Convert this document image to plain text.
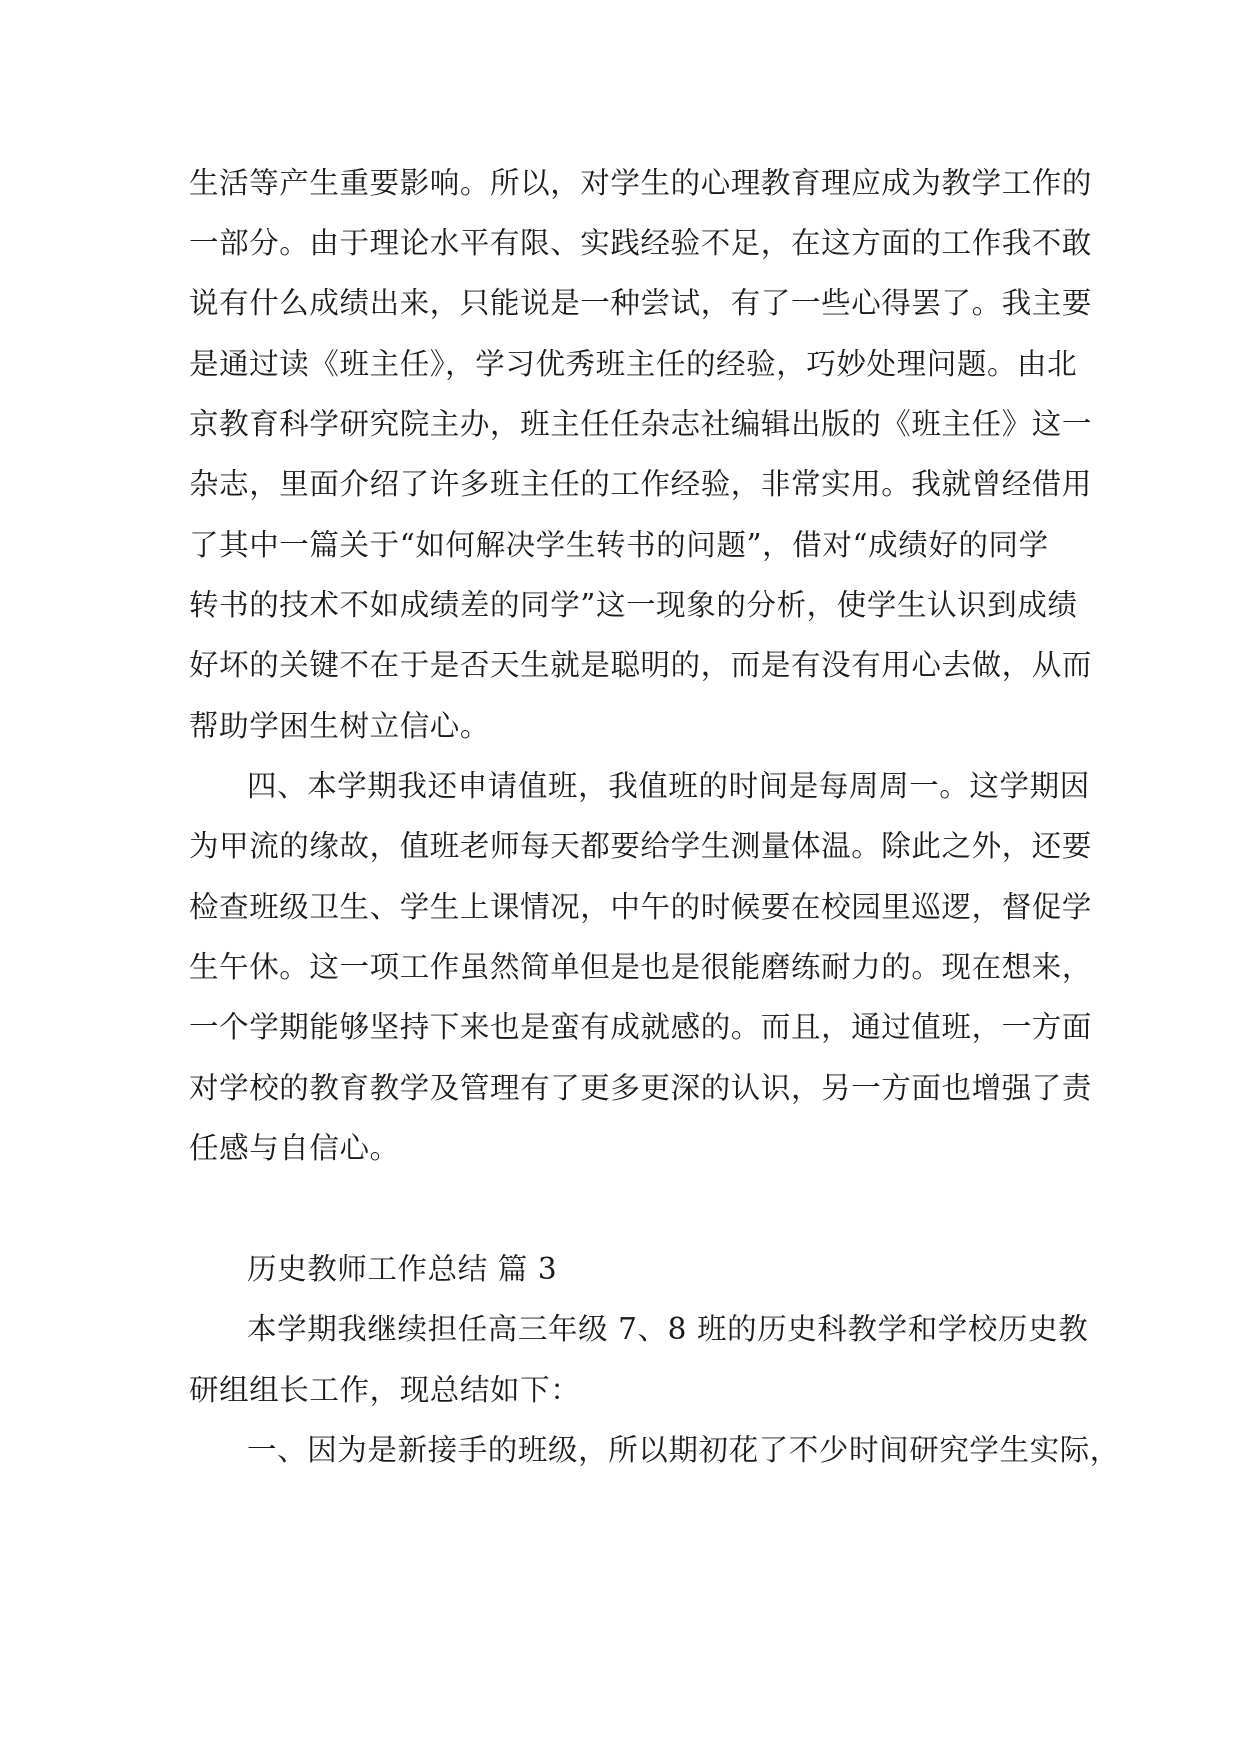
生活等产生重要影响。所以，对学生的心理教育理应成为教学工作的
一部分。由于理论水平有限、实践经验不足，在这方面的工作我不敢
说有什么成绩出来，只能说是一种尝试，有了一些心得罢了。我主要
是通过读《班主任》，学习优秀班主任的经验，巧妙处理问题。由北
京教育科学研究院主办，班主任任杂志社编辑出版的《班主任》这一
杂志，里面介绍了许多班主任的工作经验，非常实用。我就曾经借用
了其中一篇关于“如何解决学生转书的问题”，借对“成绩好的同学
转书的技术不如成绩差的同学”这一现象的分析，使学生认识到成绩
好坏的关键不在于是否天生就是聪明的，而是有没有用心去做，从而
帮助学困生树立信心。
四、本学期我还申请值班，我值班的时间是每周周一。这学期因
为甲流的缘故，值班老师每天都要给学生测量体温。除此之外，还要
检查班级卫生、学生上课情况，中午的时候要在校园里巡逻，督促学
生午休。这一项工作虽然简单但是也是很能磨练耐力的。现在想来，
一个学期能够坚持下来也是蛮有成就感的。而且，通过值班，一方面
对学校的教育教学及管理有了更多更深的认识，另一方面也增强了责
任感与自信心。
历史教师工作总结 篇 3
本学期我继续担任高三年级 7、8 班的历史科教学和学校历史教
研组组长工作，现总结如下：
一、因为是新接手的班级，所以期初花了不少时间研究学生实际，
